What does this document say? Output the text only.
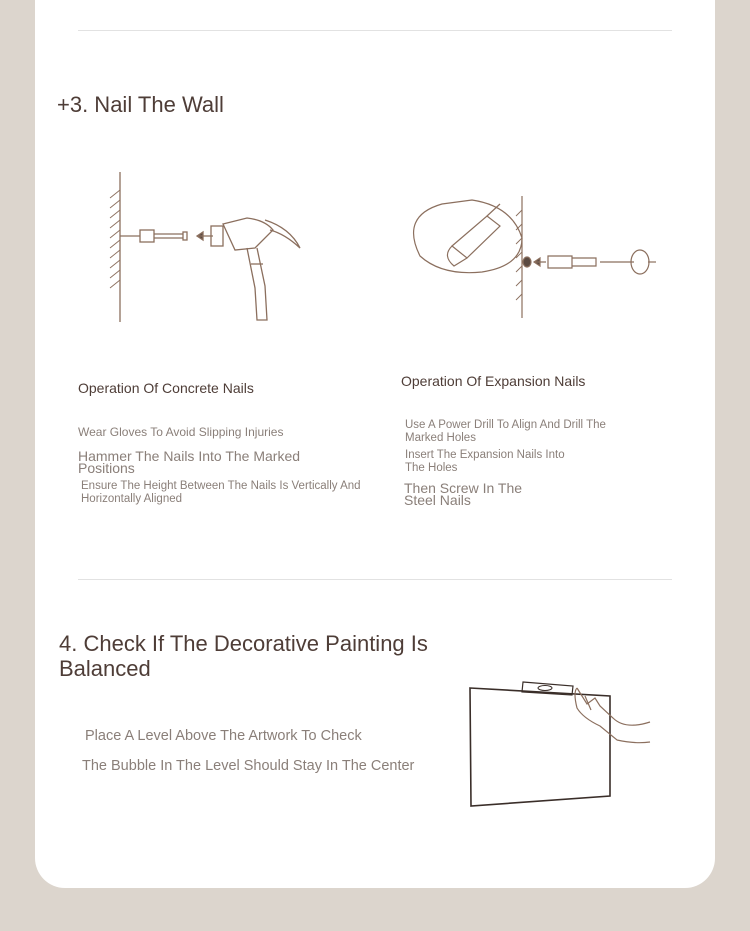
+3. Nail The Wall
Operation Of Concrete Nails
Wear Gloves To Avoid Slipping Injuries
Hammer The Nails Into The Marked Positions
Ensure The Height Between The Nails Is Vertically And Horizontally Aligned
Operation Of Expansion Nails
Use A Power Drill To Align And Drill The Marked Holes
Insert The Expansion Nails Into The Holes
Then Screw In The Steel Nails
4. Check If The Decorative Painting Is Balanced
Place A Level Above The Artwork To Check
The Bubble In The Level Should Stay In The Center
